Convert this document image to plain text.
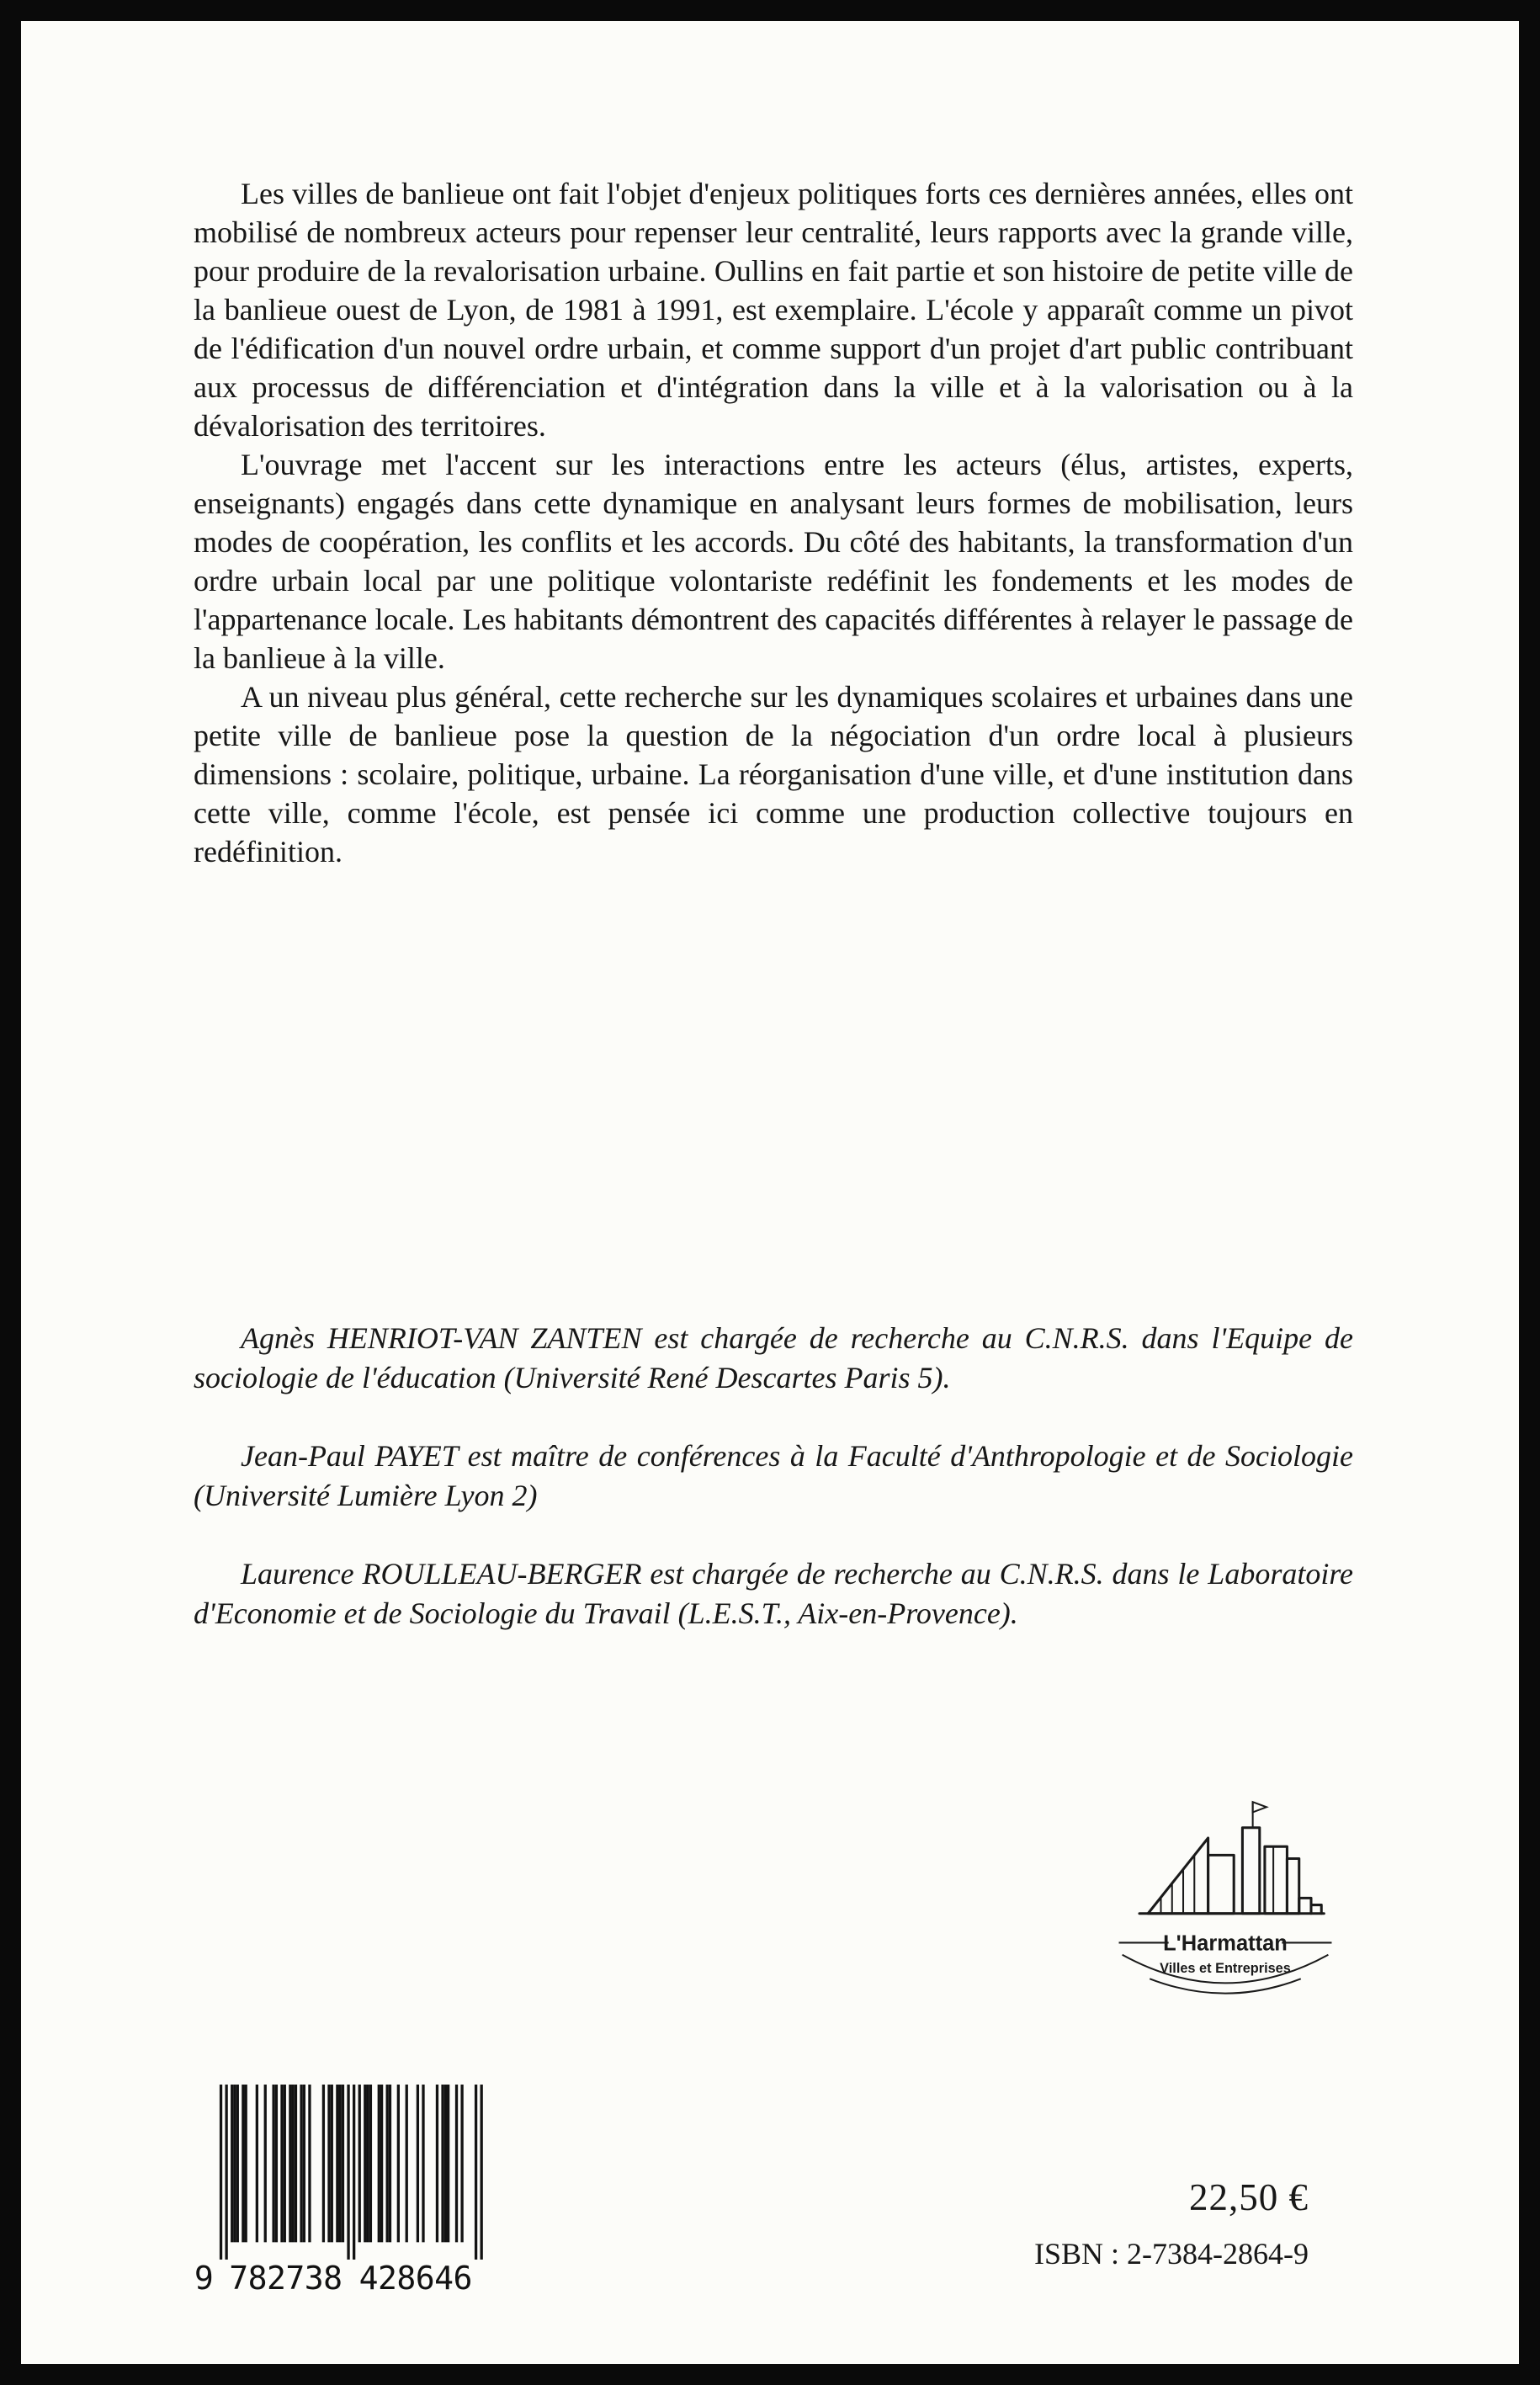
Les villes de banlieue ont fait l'objet d'enjeux politiques forts ces dernières années, elles ont mobilisé de nombreux acteurs pour repenser leur centralité, leurs rapports avec la grande ville, pour produire de la revalorisation urbaine. Oullins en fait partie et son histoire de petite ville de la banlieue ouest de Lyon, de 1981 à 1991, est exemplaire. L'école y apparaît comme un pivot de l'édification d'un nouvel ordre urbain, et comme support d'un projet d'art public contribuant aux processus de différenciation et d'intégration dans la ville et à la valorisation ou à la dévalorisation des territoires.

L'ouvrage met l'accent sur les interactions entre les acteurs (élus, artistes, experts, enseignants) engagés dans cette dynamique en analysant leurs formes de mobilisation, leurs modes de coopération, les conflits et les accords. Du côté des habitants, la transformation d'un ordre urbain local par une politique volontariste redéfinit les fondements et les modes de l'appartenance locale. Les habitants démontrent des capacités différentes à relayer le passage de la banlieue à la ville.

A un niveau plus général, cette recherche sur les dynamiques scolaires et urbaines dans une petite ville de banlieue pose la question de la négociation d'un ordre local à plusieurs dimensions : scolaire, politique, urbaine. La réorganisation d'une ville, et d'une institution dans cette ville, comme l'école, est pensée ici comme une production collective toujours en redéfinition.

Agnès HENRIOT-VAN ZANTEN est chargée de recherche au C.N.R.S. dans l'Equipe de sociologie de l'éducation (Université René Descartes Paris 5).

Jean-Paul PAYET est maître de conférences à la Faculté d'Anthropologie et de Sociologie (Université Lumière Lyon 2)

Laurence ROULLEAU-BERGER est chargée de recherche au C.N.R.S. dans le Laboratoire d'Economie et de Sociologie du Travail (L.E.S.T., Aix-en-Provence).

L'Harmattan
Villes et Entreprises
9 782738 428646
22,50 €
ISBN : 2-7384-2864-9
